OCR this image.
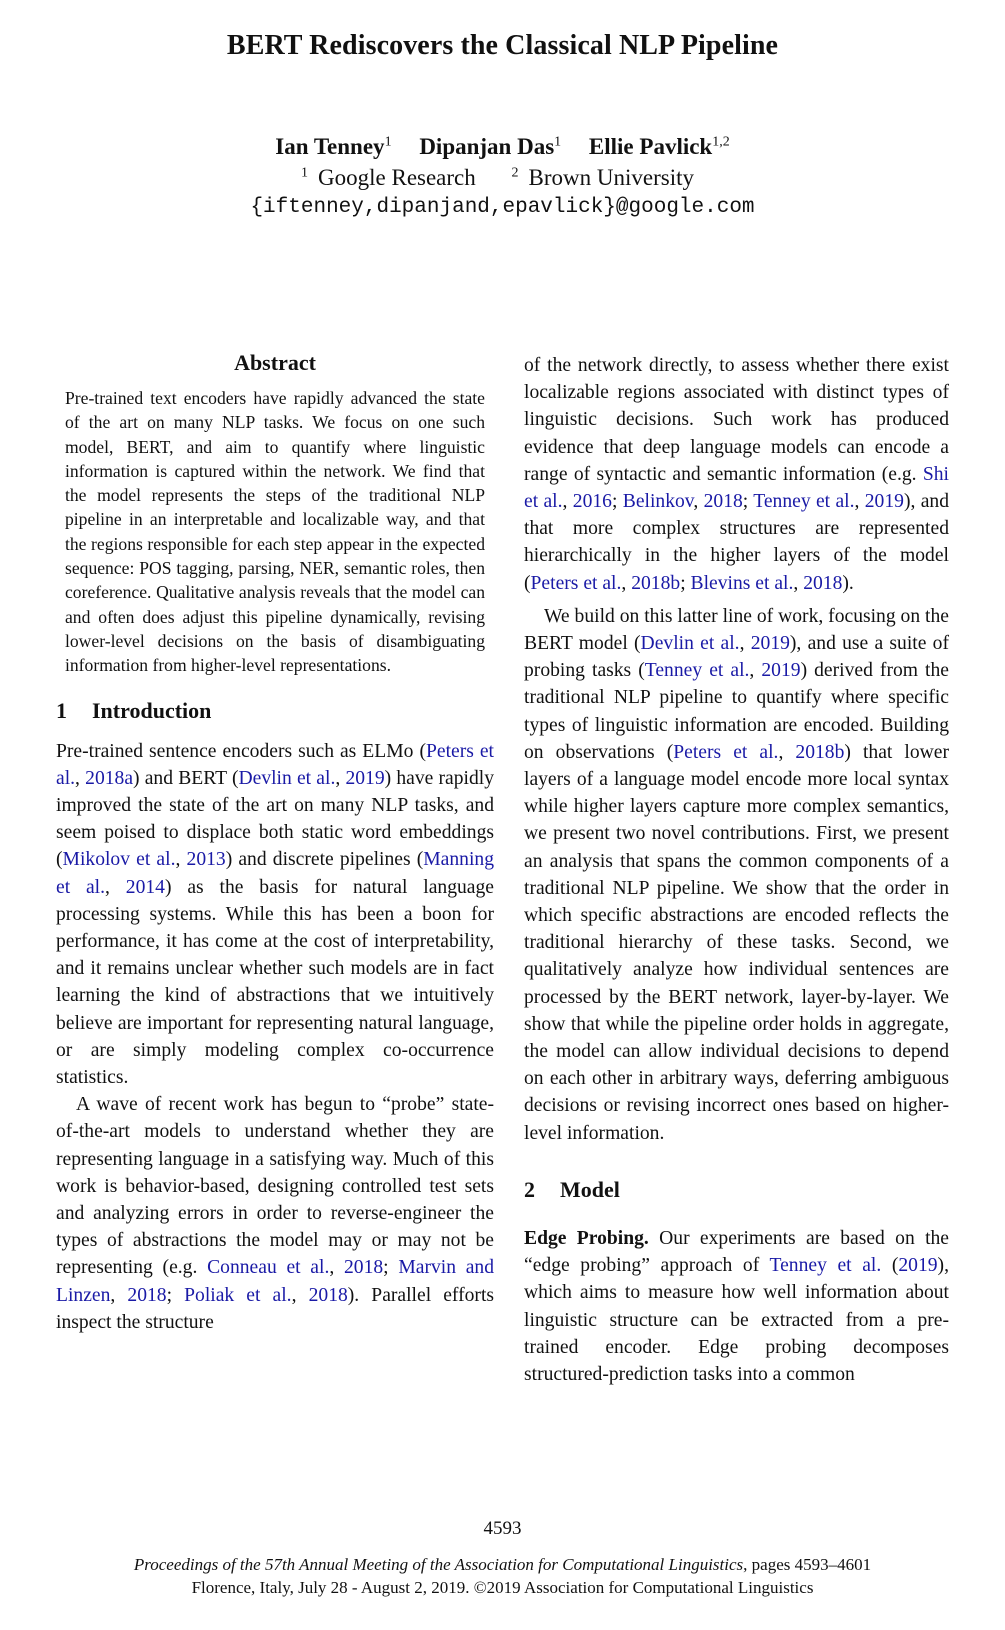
BERT Rediscovers the Classical NLP Pipeline
Ian Tenney$^1$ Dipanjan Das$^1$ Ellie Pavlick$^{1,2}$
$^1$ Google Research	$^2$ Brown University
{iftenney,dipanjand,epavlick}@google.com
Abstract

Pre-trained text encoders have rapidly advanced the state of the art on many NLP tasks. We focus on one such model, BERT, and aim to quantify where linguistic information is captured within the network. We find that the model represents the steps of the traditional NLP pipeline in an interpretable and localizable way, and that the regions responsible for each step appear in the expected sequence: POS tagging, parsing, NER, semantic roles, then coreference. Qualitative analysis reveals that the model can and often does adjust this pipeline dynamically, revising lower-level decisions on the basis of disambiguating information from higher-level representations.

1 Introduction

Pre-trained sentence encoders such as ELMo (Peters et al., 2018a) and BERT (Devlin et al., 2019) have rapidly improved the state of the art on many NLP tasks, and seem poised to displace both static word embeddings (Mikolov et al., 2013) and discrete pipelines (Manning et al., 2014) as the basis for natural language processing systems. While this has been a boon for performance, it has come at the cost of interpretability, and it remains unclear whether such models are in fact learning the kind of abstractions that we intuitively believe are important for representing natural language, or are simply modeling complex co-occurrence statistics.

A wave of recent work has begun to “probe” state-of-the-art models to understand whether they are representing language in a satisfying way. Much of this work is behavior-based, designing controlled test sets and analyzing errors in order to reverse-engineer the types of abstractions the model may or may not be representing (e.g. Conneau et al., 2018; Marvin and Linzen, 2018; Poliak et al., 2018). Parallel efforts inspect the structure

of the network directly, to assess whether there exist localizable regions associated with distinct types of linguistic decisions. Such work has produced evidence that deep language models can encode a range of syntactic and semantic information (e.g. Shi et al., 2016; Belinkov, 2018; Tenney et al., 2019), and that more complex structures are represented hierarchically in the higher layers of the model (Peters et al., 2018b; Blevins et al., 2018).

We build on this latter line of work, focusing on the BERT model (Devlin et al., 2019), and use a suite of probing tasks (Tenney et al., 2019) derived from the traditional NLP pipeline to quantify where specific types of linguistic information are encoded. Building on observations (Peters et al., 2018b) that lower layers of a language model encode more local syntax while higher layers capture more complex semantics, we present two novel contributions. First, we present an analysis that spans the common components of a traditional NLP pipeline. We show that the order in which specific abstractions are encoded reflects the traditional hierarchy of these tasks. Second, we qualitatively analyze how individual sentences are processed by the BERT network, layer-by-layer. We show that while the pipeline order holds in aggregate, the model can allow individual decisions to depend on each other in arbitrary ways, deferring ambiguous decisions or revising incorrect ones based on higher-level information.

2 Model

Edge Probing. Our experiments are based on the “edge probing” approach of Tenney et al. (2019), which aims to measure how well information about linguistic structure can be extracted from a pre-trained encoder. Edge probing decomposes structured-prediction tasks into a common

4593
Proceedings of the 57th Annual Meeting of the Association for Computational Linguistics, pages 4593–4601
Florence, Italy, July 28 - August 2, 2019. ©2019 Association for Computational Linguistics
